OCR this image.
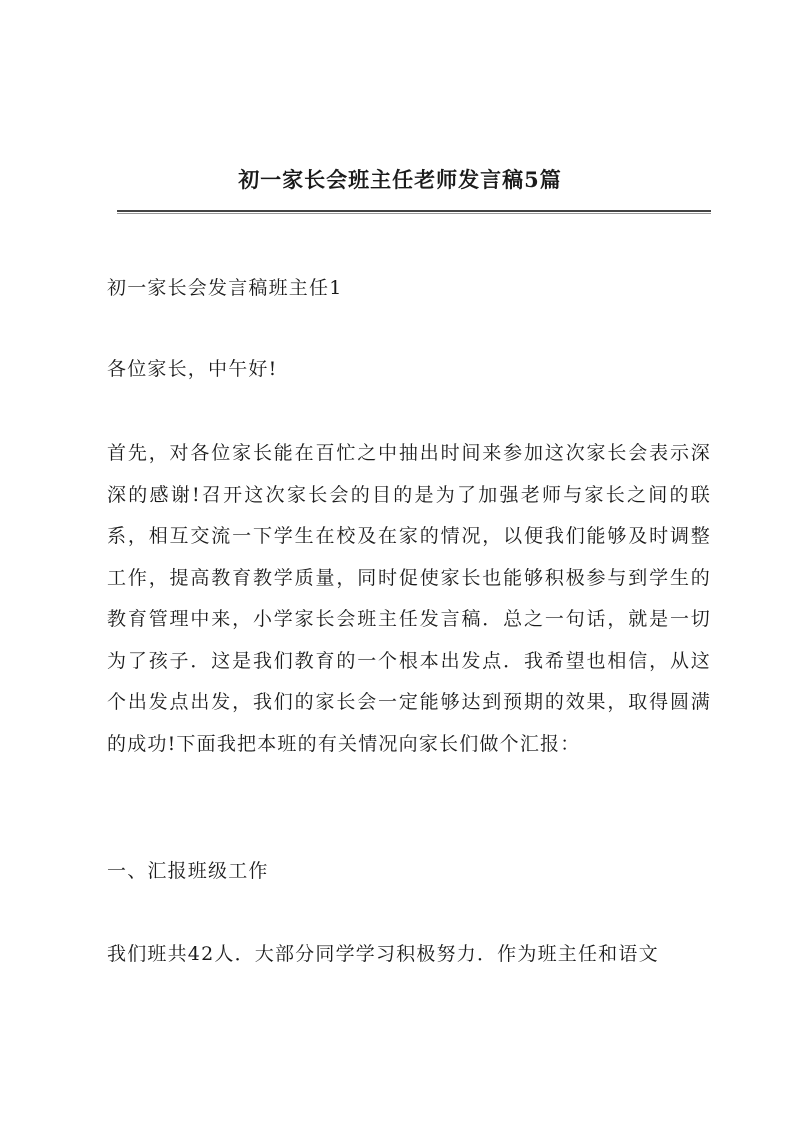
初一家长会班主任老师发言稿5篇

初一家长会发言稿班主任1

各位家长，中午好!

首先，对各位家长能在百忙之中抽出时间来参加这次家长会表示深深的感谢!召开这次家长会的目的是为了加强老师与家长之间的联系，相互交流一下学生在校及在家的情况，以便我们能够及时调整工作，提高教育教学质量，同时促使家长也能够积极参与到学生的教育管理中来，小学家长会班主任发言稿．总之一句话，就是一切为了孩子．这是我们教育的一个根本出发点．我希望也相信，从这个出发点出发，我们的家长会一定能够达到预期的效果，取得圆满的成功!下面我把本班的有关情况向家长们做个汇报：

一、汇报班级工作

我们班共42人．大部分同学学习积极努力．作为班主任和语文
